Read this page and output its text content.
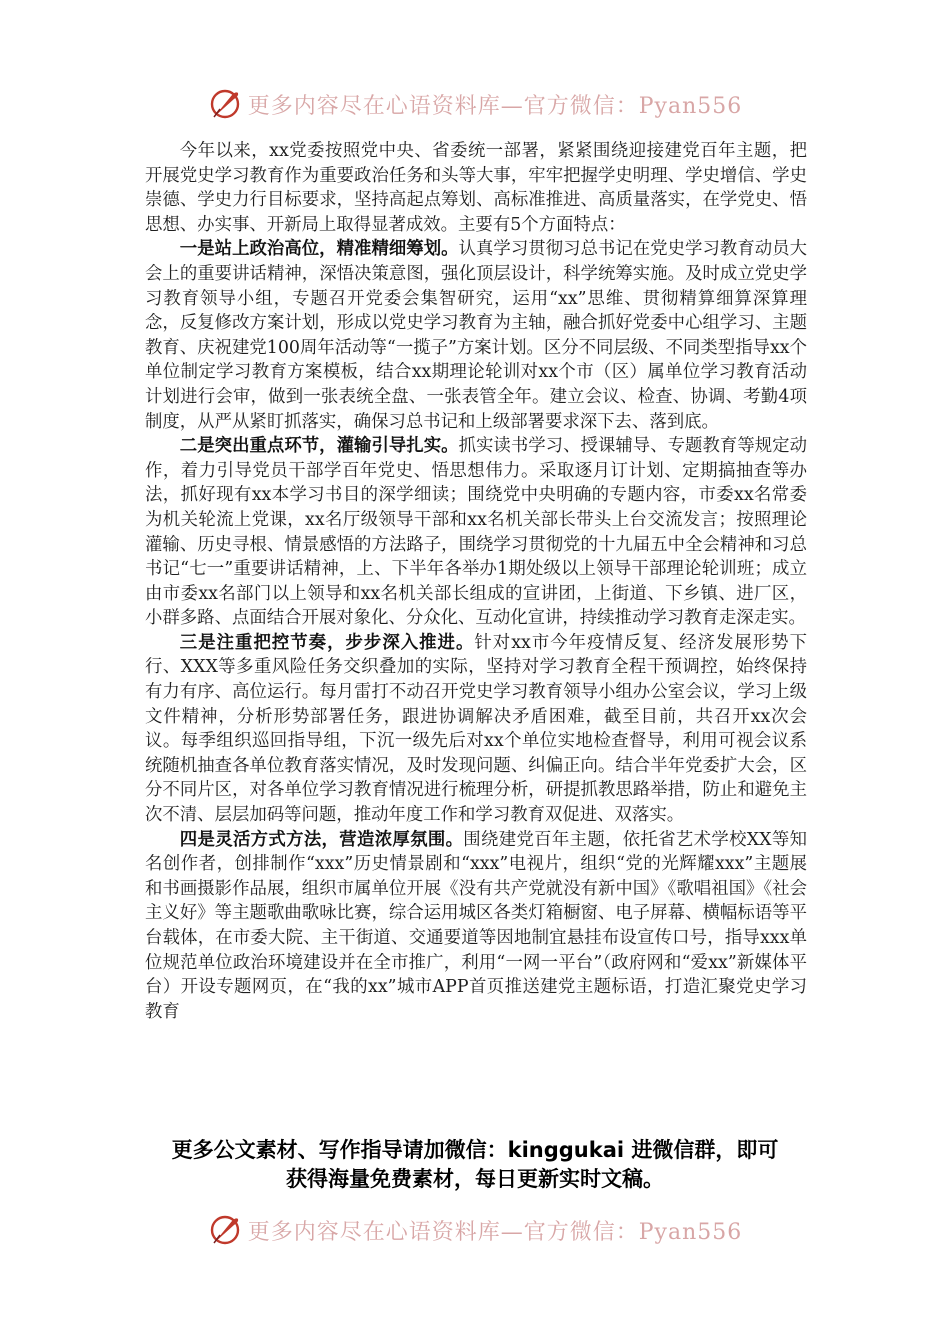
更多内容尽在心语资料库—官方微信：Pyan556

今年以来，xx党委按照党中央、省委统一部署，紧紧围绕迎接建党百年主题，把开展党史学习教育作为重要政治任务和头等大事，牢牢把握学史明理、学史增信、学史崇德、学史力行目标要求，坚持高起点筹划、高标准推进、高质量落实，在学党史、悟思想、办实事、开新局上取得显著成效。主要有5个方面特点：

一是站上政治高位，精准精细筹划。认真学习贯彻习总书记在党史学习教育动员大会上的重要讲话精神，深悟决策意图，强化顶层设计，科学统筹实施。及时成立党史学习教育领导小组，专题召开党委会集智研究，运用“xx”思维、贯彻精算细算深算理念，反复修改方案计划，形成以党史学习教育为主轴，融合抓好党委中心组学习、主题教育、庆祝建党100周年活动等“一揽子”方案计划。区分不同层级、不同类型指导xx个单位制定学习教育方案模板，结合xx期理论轮训对xx个市（区）属单位学习教育活动计划进行会审，做到一张表统全盘、一张表管全年。建立会议、检查、协调、考勤4项制度，从严从紧盯抓落实，确保习总书记和上级部署要求深下去、落到底。

二是突出重点环节，灌输引导扎实。抓实读书学习、授课辅导、专题教育等规定动作，着力引导党员干部学百年党史、悟思想伟力。采取逐月订计划、定期搞抽查等办法，抓好现有xx本学习书目的深学细读；围绕党中央明确的专题内容，市委xx名常委为机关轮流上党课，xx名厅级领导干部和xx名机关部长带头上台交流发言；按照理论灌输、历史寻根、情景感悟的方法路子，围绕学习贯彻党的十九届五中全会精神和习总书记“七一”重要讲话精神，上、下半年各举办1期处级以上领导干部理论轮训班；成立由市委xx名部门以上领导和xx名机关部长组成的宣讲团，上街道、下乡镇、进厂区，小群多路、点面结合开展对象化、分众化、互动化宣讲，持续推动学习教育走深走实。

三是注重把控节奏，步步深入推进。针对xx市今年疫情反复、经济发展形势下行、XXX等多重风险任务交织叠加的实际，坚持对学习教育全程干预调控，始终保持有力有序、高位运行。每月雷打不动召开党史学习教育领导小组办公室会议，学习上级文件精神，分析形势部署任务，跟进协调解决矛盾困难，截至目前，共召开xx次会议。每季组织巡回指导组，下沉一级先后对xx个单位实地检查督导，利用可视会议系统随机抽查各单位教育落实情况，及时发现问题、纠偏正向。结合半年党委扩大会，区分不同片区，对各单位学习教育情况进行梳理分析，研提抓教思路举措，防止和避免主次不清、层层加码等问题，推动年度工作和学习教育双促进、双落实。

四是灵活方式方法，营造浓厚氛围。围绕建党百年主题，依托省艺术学校XX等知名创作者，创排制作“xxx”历史情景剧和“xxx”电视片，组织“党的光辉耀xxx”主题展和书画摄影作品展，组织市属单位开展《没有共产党就没有新中国》《歌唱祖国》《社会主义好》等主题歌曲歌咏比赛，综合运用城区各类灯箱橱窗、电子屏幕、横幅标语等平台载体，在市委大院、主干街道、交通要道等因地制宜悬挂布设宣传口号，指导xxx单位规范单位政治环境建设并在全市推广，利用“一网一平台”（政府网和“爱xx”新媒体平台）开设专题网页，在“我的xx”城市APP首页推送建党主题标语，打造汇聚党史学习教育

更多公文素材、写作指导请加微信：kinggukai 进微信群，即可
获得海量免费素材，每日更新实时文稿。
更多内容尽在心语资料库—官方微信：Pyan556
